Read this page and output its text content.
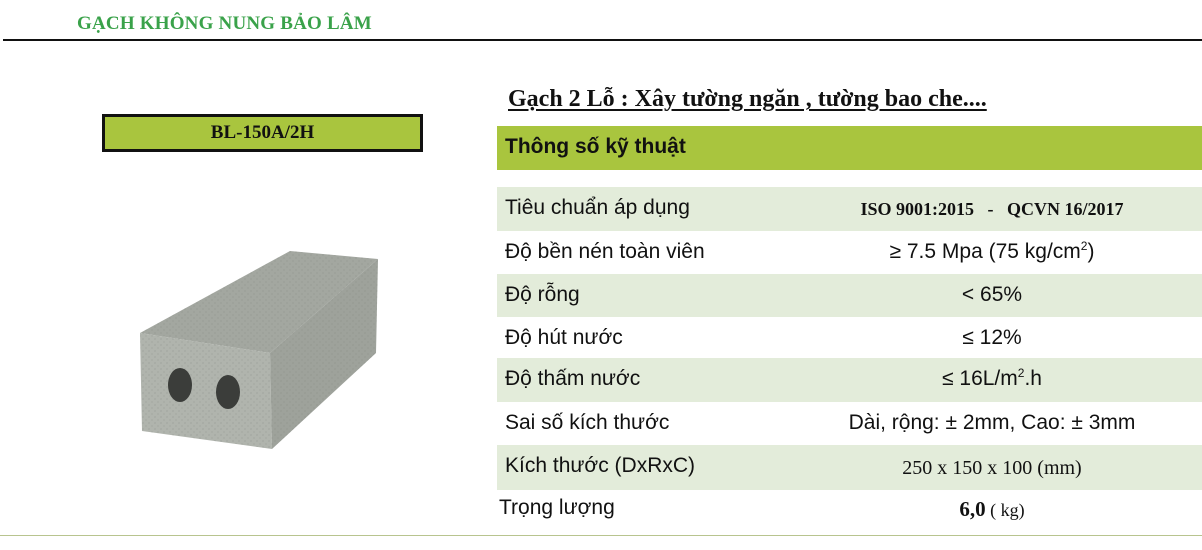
GẠCH KHÔNG NUNG BẢO LÂM
BL-150A/2H
Gạch 2 Lỗ : Xây tường ngăn , tường bao che....
Thông số kỹ thuật
Tiêu chuẩn áp dụng	ISO 9001:2015   -   QCVN 16/2017
Độ bền nén toàn viên	≥ 7.5 Mpa (75 $kg/cm^2$)
Độ rỗng	< 65%
Độ hút nước	≤ 12%
Độ thấm nước	≤ $16L/m^2.h$
Sai số kích thước	Dài, rộng: ± 2mm, Cao: ± 3mm
Kích thước (DxRxC)	250 x 150 x 100 (mm)
Trọng lượng	6,0 ( kg)
